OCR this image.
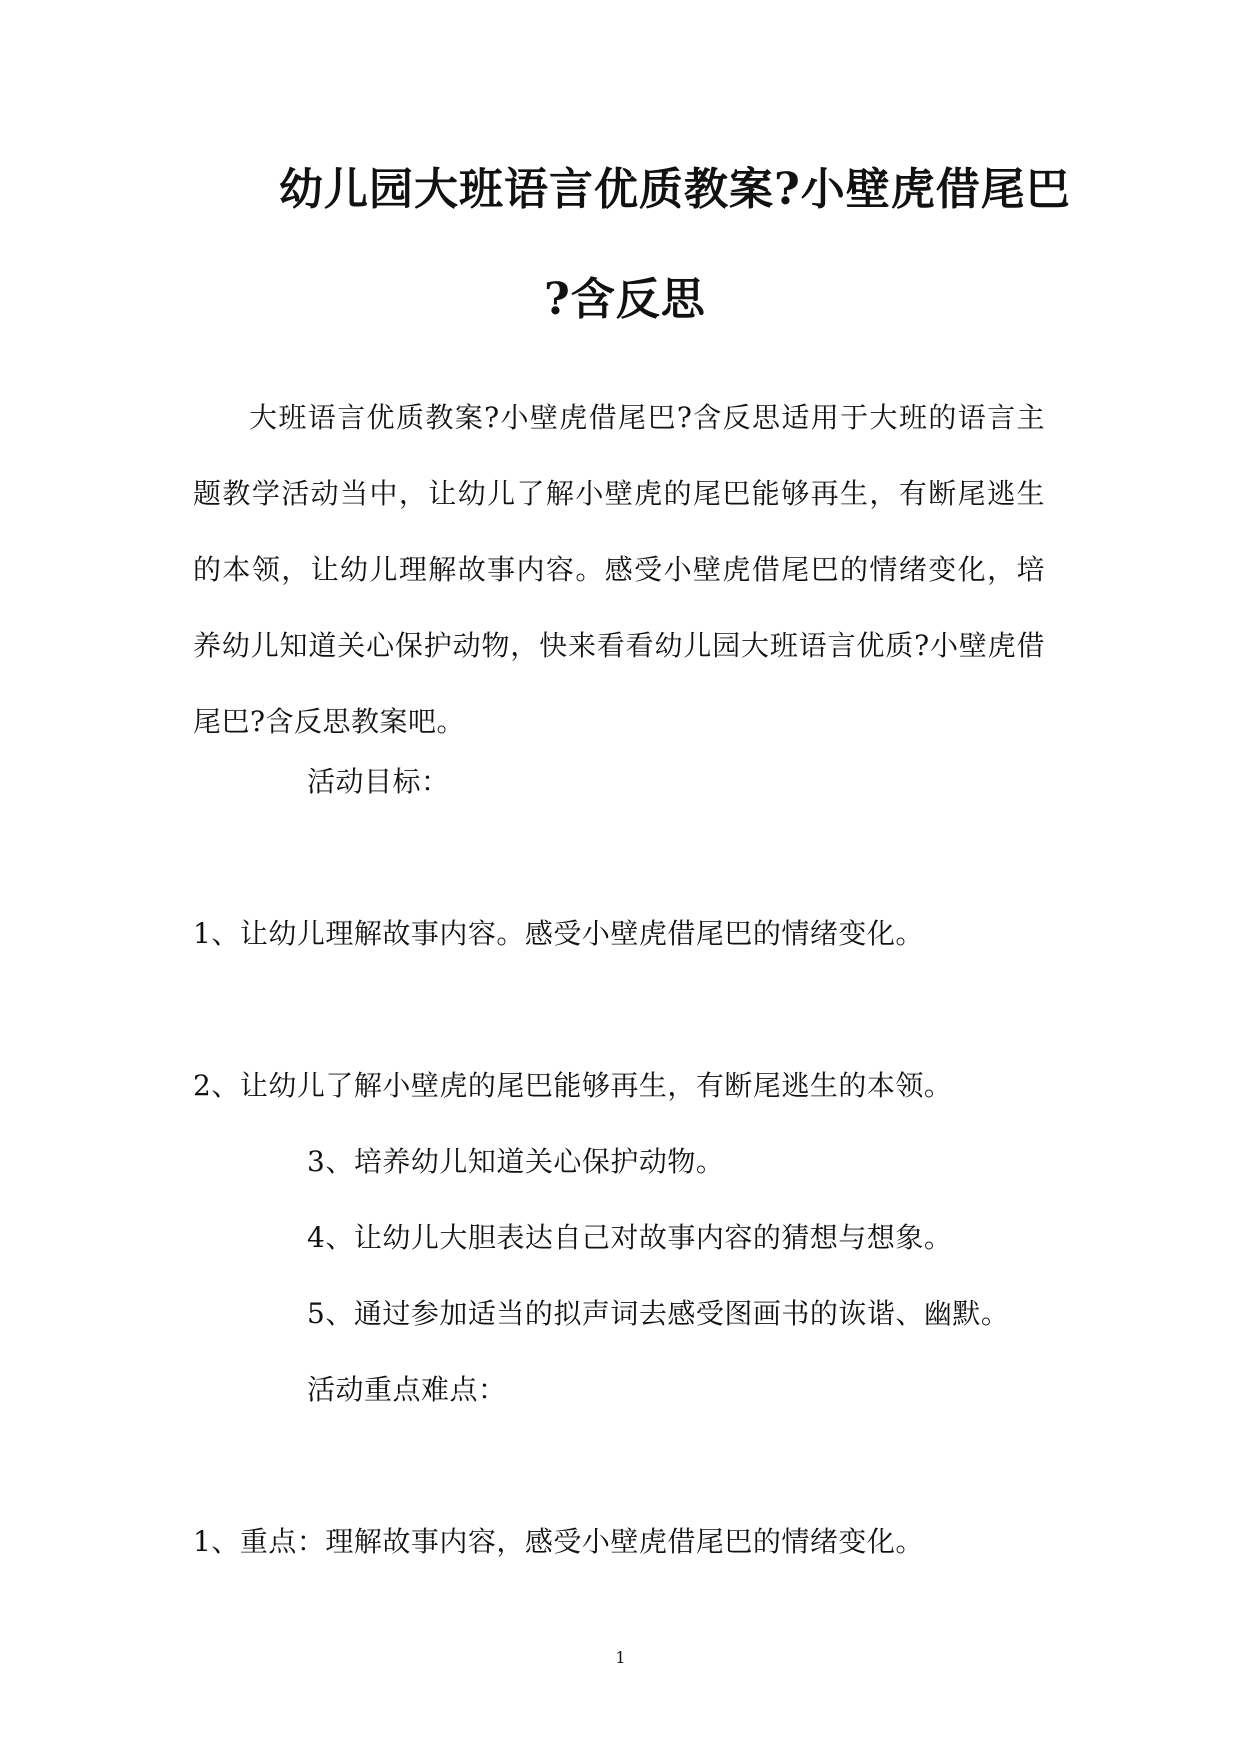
幼儿园大班语言优质教案?小壁虎借尾巴
?含反思
大班语言优质教案?小壁虎借尾巴?含反思适用于大班的语言主题教学活动当中，让幼儿了解小壁虎的尾巴能够再生，有断尾逃生的本领，让幼儿理解故事内容。感受小壁虎借尾巴的情绪变化，培养幼儿知道关心保护动物，快来看看幼儿园大班语言优质?小壁虎借尾巴?含反思教案吧。
活动目标：
1、让幼儿理解故事内容。感受小壁虎借尾巴的情绪变化。
2、让幼儿了解小壁虎的尾巴能够再生，有断尾逃生的本领。
3、培养幼儿知道关心保护动物。
4、让幼儿大胆表达自己对故事内容的猜想与想象。
5、通过参加适当的拟声词去感受图画书的诙谐、幽默。
活动重点难点：
1、重点：理解故事内容，感受小壁虎借尾巴的情绪变化。
1
